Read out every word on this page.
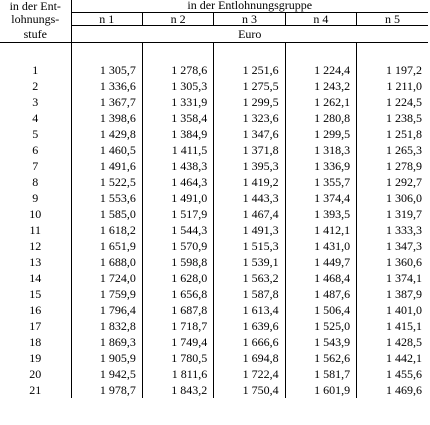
in der Ent-	in der Entlohnungsgruppe				
lohnungs-	n 1	n 2	n 3	n 4	n 5
stufe	Euro				

1	1 305,7	1 278,6	1 251,6	1 224,4	1 197,2
2	1 336,6	1 305,3	1 275,5	1 243,2	1 211,0
3	1 367,7	1 331,9	1 299,5	1 262,1	1 224,5
4	1 398,6	1 358,4	1 323,6	1 280,8	1 238,5
5	1 429,8	1 384,9	1 347,6	1 299,5	1 251,8
6	1 460,5	1 411,5	1 371,8	1 318,3	1 265,3
7	1 491,6	1 438,3	1 395,3	1 336,9	1 278,9
8	1 522,5	1 464,3	1 419,2	1 355,7	1 292,7
9	1 553,6	1 491,0	1 443,3	1 374,4	1 306,0
10	1 585,0	1 517,9	1 467,4	1 393,5	1 319,7
11	1 618,2	1 544,3	1 491,3	1 412,1	1 333,3
12	1 651,9	1 570,9	1 515,3	1 431,0	1 347,3
13	1 688,0	1 598,8	1 539,1	1 449,7	1 360,6
14	1 724,0	1 628,0	1 563,2	1 468,4	1 374,1
15	1 759,9	1 656,8	1 587,8	1 487,6	1 387,9
16	1 796,4	1 687,8	1 613,4	1 506,4	1 401,0
17	1 832,8	1 718,7	1 639,6	1 525,0	1 415,1
18	1 869,3	1 749,4	1 666,6	1 543,9	1 428,5
19	1 905,9	1 780,5	1 694,8	1 562,6	1 442,1
20	1 942,5	1 811,6	1 722,4	1 581,7	1 455,6
21	1 978,7	1 843,2	1 750,4	1 601,9	1 469,6
